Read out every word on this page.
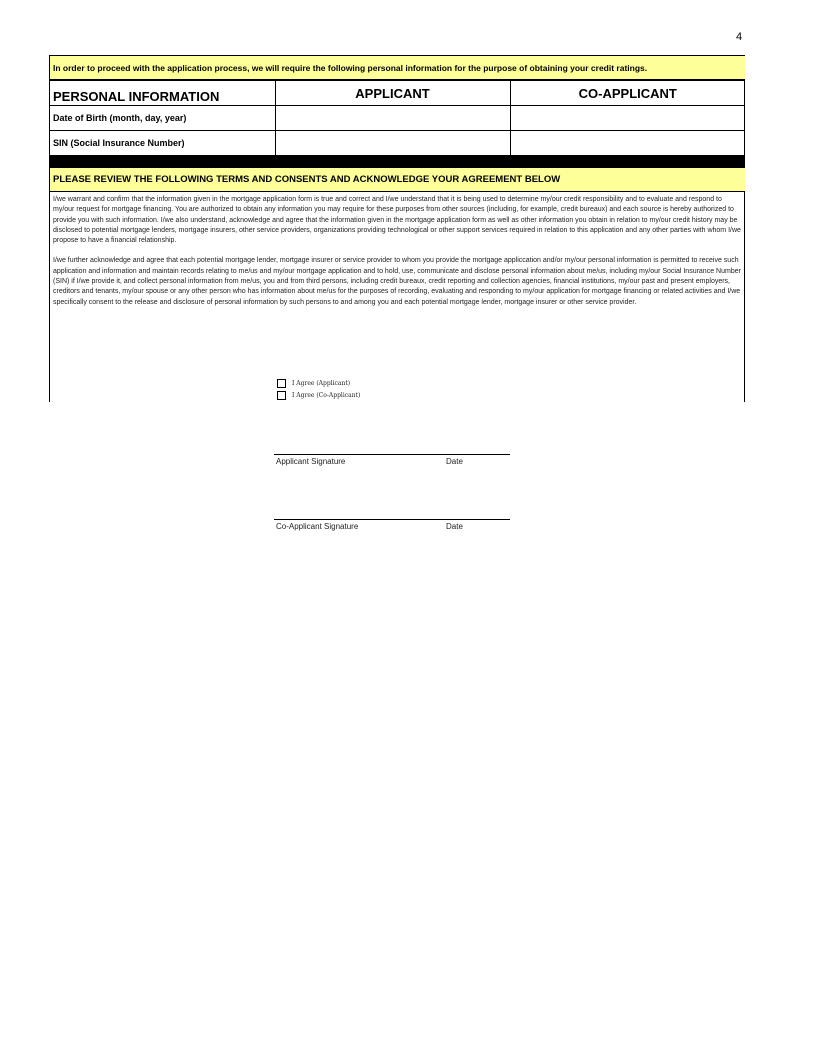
4
In order to proceed with the application process, we will require the following personal information for the purpose of obtaining your credit ratings.
PERSONAL INFORMATION	APPLICANT	CO-APPLICANT
Date of Birth (month, day, year)		
SIN (Social Insurance Number)		
PLEASE REVIEW THE FOLLOWING TERMS AND CONSENTS AND ACKNOWLEDGE YOUR AGREEMENT BELOW

I/we warrant and confirm that the information given in the mortgage application form is true and correct and I/we understand that it is being used to determine my/our credit responsibility and to evaluate and respond to my/our request for mortgage financing. You are authorized to obtain any information you may require for these purposes from other sources (including, for example, credit bureaux) and each source is hereby authorized to provide you with such information. I/we also understand, acknowledge and agree that the information given in the mortgage application form as well as other information you obtain in relation to my/our credit history may be disclosed to potential mortgage lenders, mortgage insurers, other service providers, organizations providing technological or other support services required in relation to this application and any other parties with whom I/we propose to have a financial relationship.

I/we further acknowledge and agree that each potential mortgage lender, mortgage insurer or service provider to whom you provide the mortgage appliccation and/or my/our personal information is permitted to receive such application and information and maintain records relating to me/us and my/our mortgage application and to hold, use, communicate and disclose personal information about me/us, including my/our Social Insurance Number (SIN) if I/we provide it, and collect personal information from me/us, you and from third persons, including credit bureaux, credit reporting and collection agencies, financial institutions, my/our past and present employers, creditors and tenants, my/our spouse or any other person who has information about me/us for the purposes of recording, evaluating and responding to my/our application for mortgage financing or related activities and I/we specifically consent to the release and disclosure of personal information by such persons to and among you and each potential mortgage lender, mortgage insurer or other service provider.

I Agree (Applicant)
I Agree (Co-Applicant)
Applicant Signature	Date
Co-Applicant Signature	Date
